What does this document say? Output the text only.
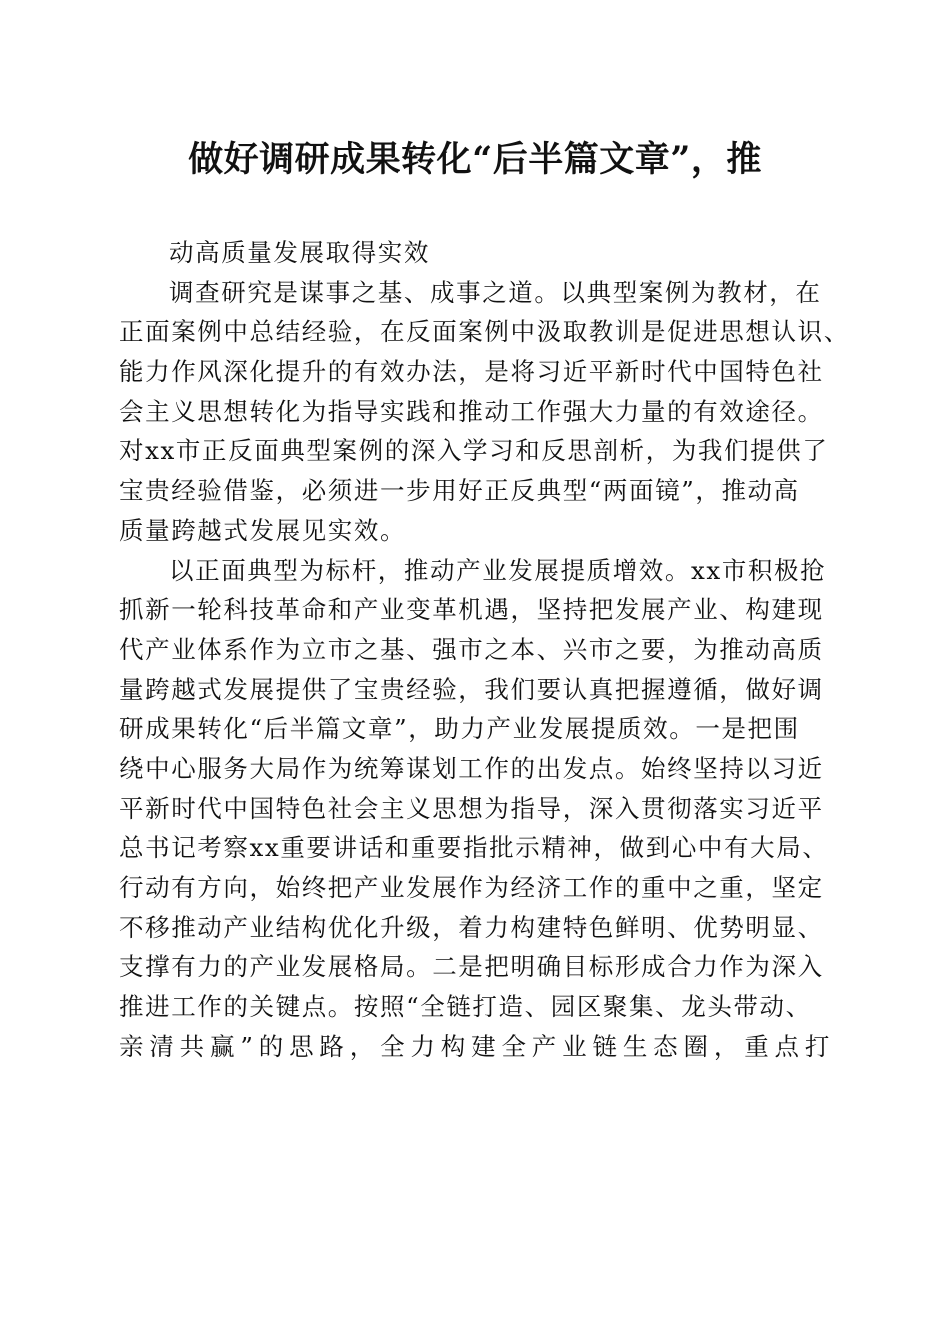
做好调研成果转化“后半篇文章”，推
动高质量发展取得实效
调查研究是谋事之基、成事之道。以典型案例为教材，在
正面案例中总结经验，在反面案例中汲取教训是促进思想认识、
能力作风深化提升的有效办法，是将习近平新时代中国特色社
会主义思想转化为指导实践和推动工作强大力量的有效途径。
对xx市正反面典型案例的深入学习和反思剖析，为我们提供了
宝贵经验借鉴，必须进一步用好正反典型“两面镜”，推动高
质量跨越式发展见实效。
以正面典型为标杆，推动产业发展提质增效。xx市积极抢
抓新一轮科技革命和产业变革机遇，坚持把发展产业、构建现
代产业体系作为立市之基、强市之本、兴市之要，为推动高质
量跨越式发展提供了宝贵经验，我们要认真把握遵循，做好调
研成果转化“后半篇文章”，助力产业发展提质效。一是把围
绕中心服务大局作为统筹谋划工作的出发点。始终坚持以习近
平新时代中国特色社会主义思想为指导，深入贯彻落实习近平
总书记考察xx重要讲话和重要指批示精神，做到心中有大局、
行动有方向，始终把产业发展作为经济工作的重中之重，坚定
不移推动产业结构优化升级，着力构建特色鲜明、优势明显、
支撑有力的产业发展格局。二是把明确目标形成合力作为深入
推进工作的关键点。按照“全链打造、园区聚集、龙头带动、
亲清共赢”的思路，全力构建全产业链生态圈，重点打
